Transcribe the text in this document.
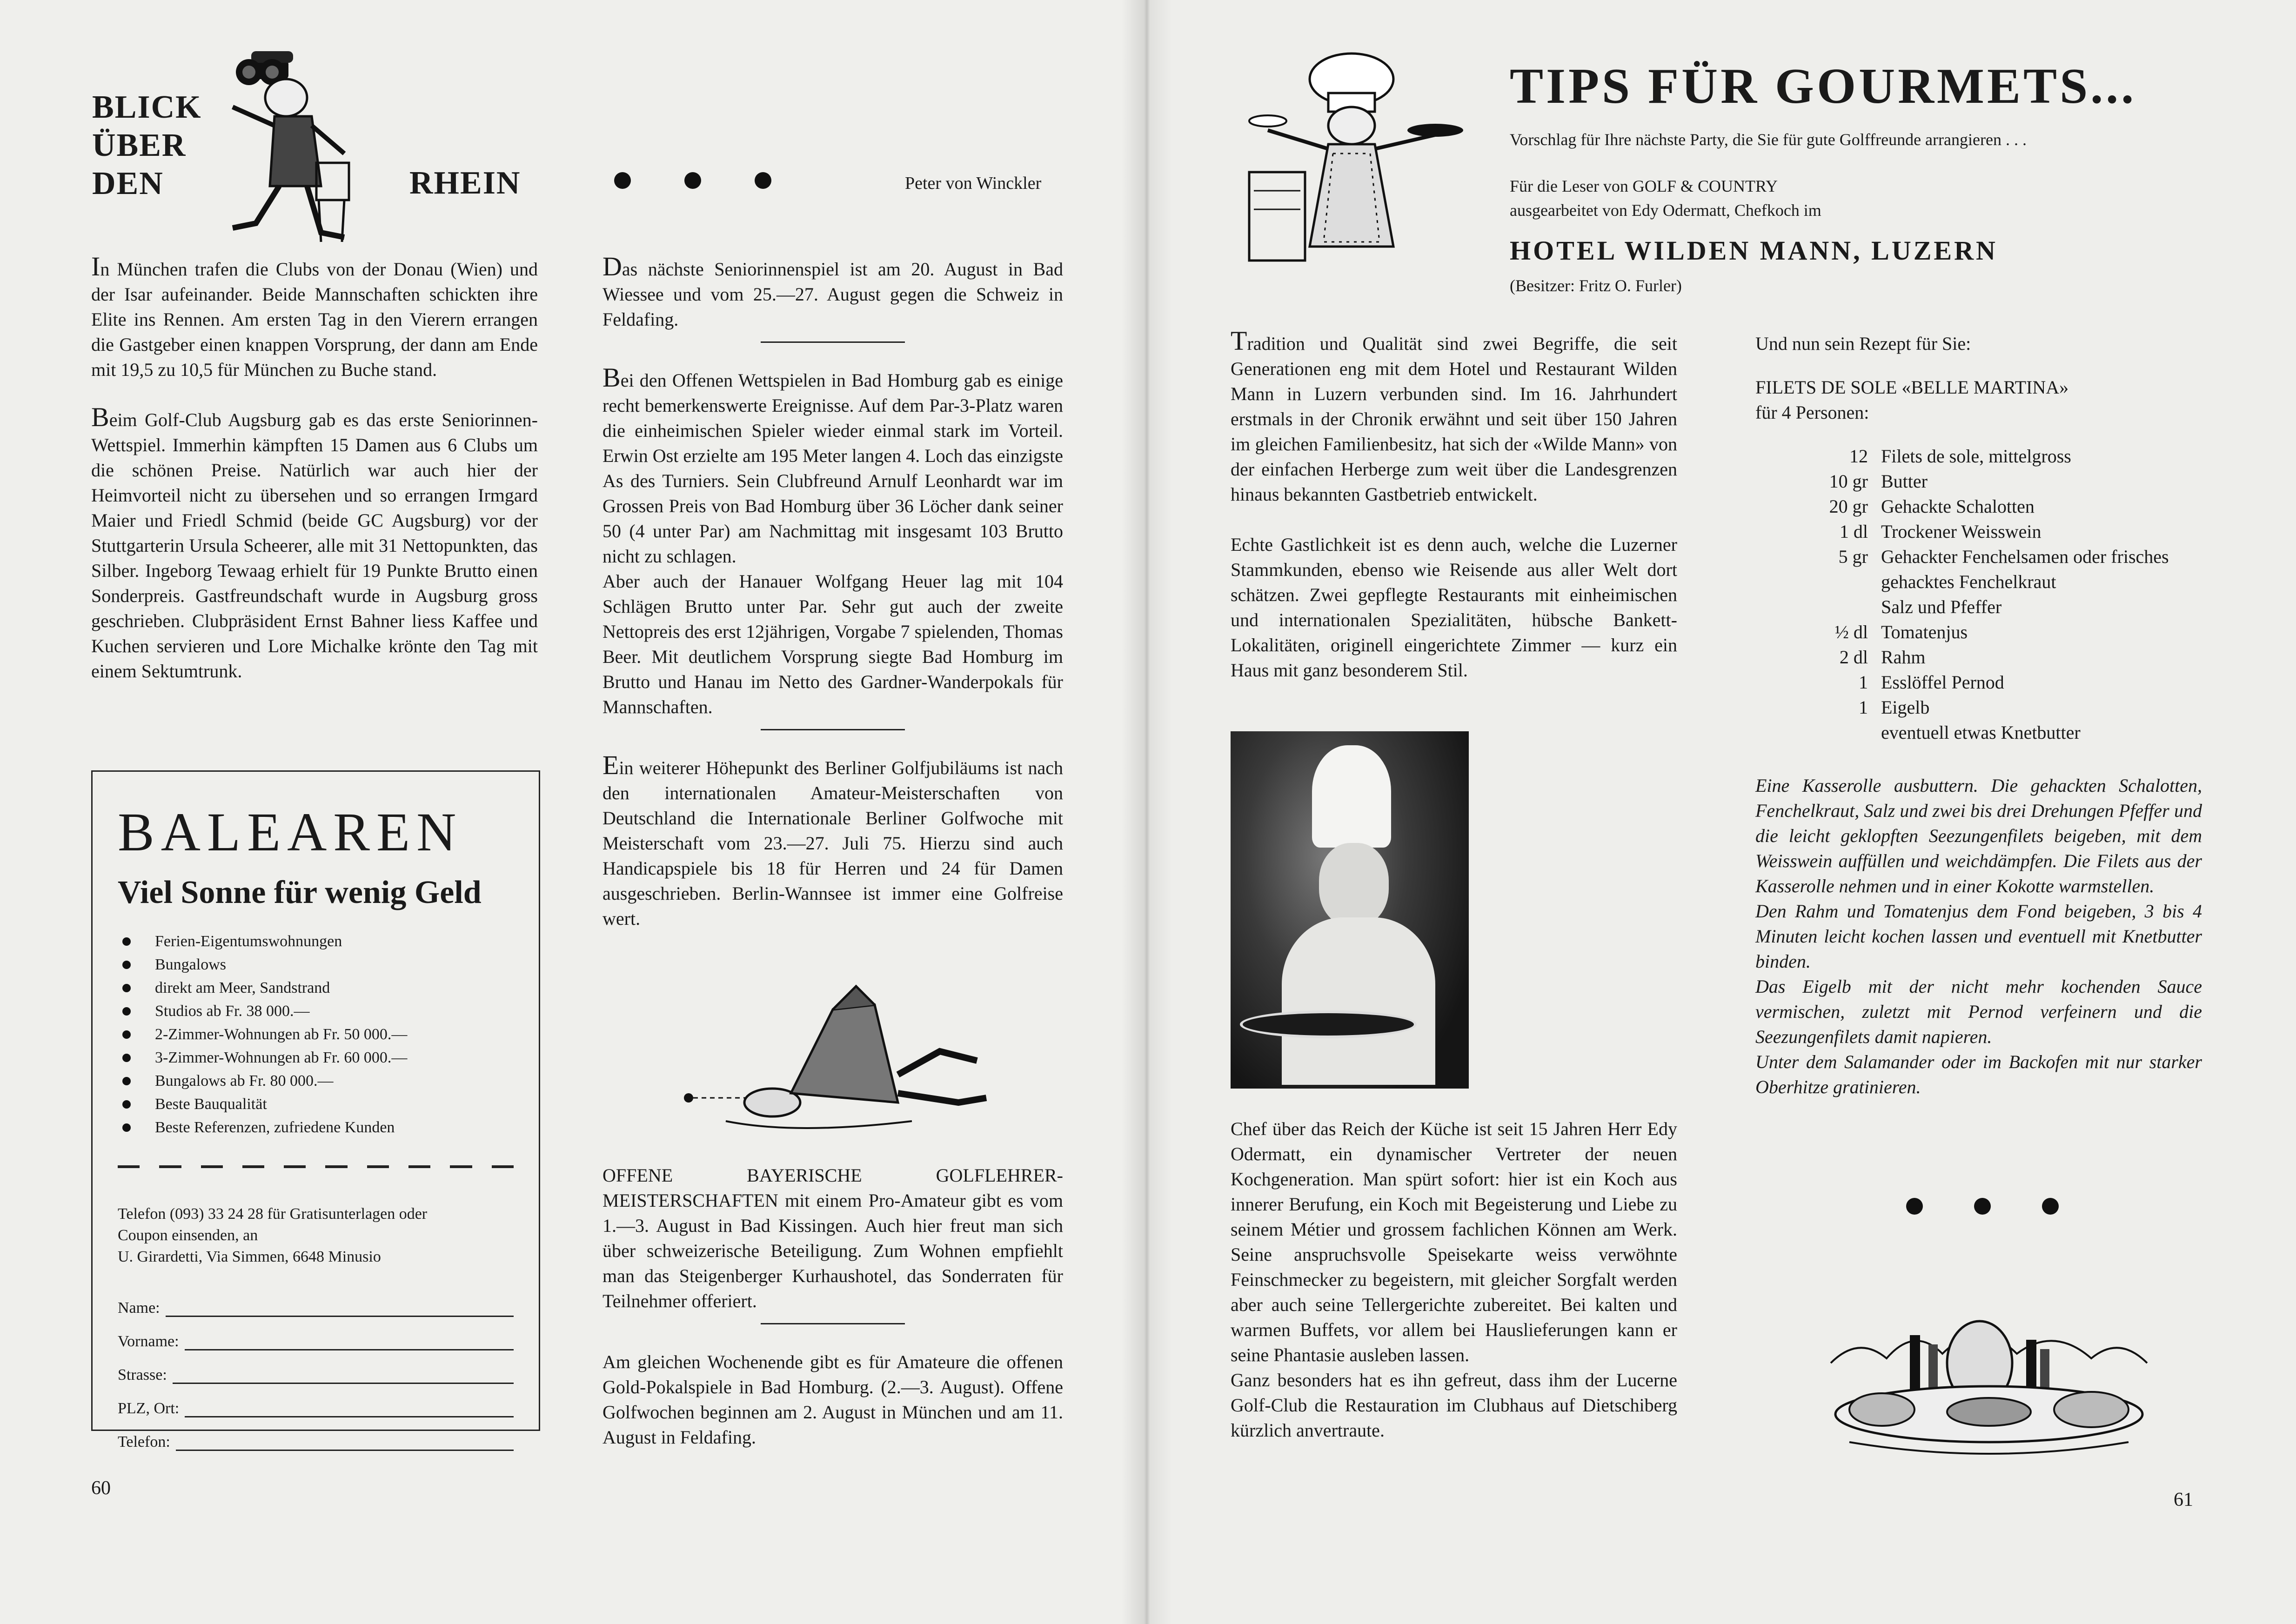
BLICK
ÜBER
DEN	RHEIN	Peter von Winckler

In München trafen die Clubs von der Donau (Wien) und der Isar aufeinander. Beide Mannschaften schickten ihre Elite ins Rennen. Am ersten Tag in den Vierern errangen die Gastgeber einen knappen Vorsprung, der dann am Ende mit 19,5 zu 10,5 für München zu Buche stand.

Beim Golf-Club Augsburg gab es das erste Seniorinnen-Wettspiel. Immerhin kämpften 15 Damen aus 6 Clubs um die schönen Preise. Natürlich war auch hier der Heimvorteil nicht zu übersehen und so errangen Irmgard Maier und Friedl Schmid (beide GC Augsburg) vor der Stuttgarterin Ursula Scheerer, alle mit 31 Nettopunkten, das Silber. Ingeborg Tewaag erhielt für 19 Punkte Brutto einen Sonderpreis. Gastfreundschaft wurde in Augsburg gross geschrieben. Clubpräsident Ernst Bahner liess Kaffee und Kuchen servieren und Lore Michalke krönte den Tag mit einem Sektumtrunk.

BALEAREN
Viel Sonne für wenig Geld
Ferien-Eigentumswohnungen
Bungalows
direkt am Meer, Sandstrand
Studios ab Fr. 38 000.—
2-Zimmer-Wohnungen ab Fr. 50 000.—
3-Zimmer-Wohnungen ab Fr. 60 000.—
Bungalows ab Fr. 80 000.—
Beste Bauqualität
Beste Referenzen, zufriedene Kunden
Telefon (093) 33 24 28 für Gratisunterlagen oder
Coupon einsenden, an
U. Girardetti, Via Simmen, 6648 Minusio
Name:
Vorname:
Strasse:
PLZ, Ort:
Telefon:

Das nächste Seniorinnenspiel ist am 20. August in Bad Wiessee und vom 25.—27. August gegen die Schweiz in Feldafing.

Bei den Offenen Wettspielen in Bad Homburg gab es einige recht bemerkenswerte Ereignisse. Auf dem Par-3-Platz waren die einheimischen Spieler wieder einmal stark im Vorteil. Erwin Ost erzielte am 195 Meter langen 4. Loch das einzigste As des Turniers. Sein Clubfreund Arnulf Leonhardt war im Grossen Preis von Bad Homburg über 36 Löcher dank seiner 50 (4 unter Par) am Nachmittag mit insgesamt 103 Brutto nicht zu schlagen.

Aber auch der Hanauer Wolfgang Heuer lag mit 104 Schlägen Brutto unter Par. Sehr gut auch der zweite Nettopreis des erst 12jährigen, Vorgabe 7 spielenden, Thomas Beer. Mit deutlichem Vorsprung siegte Bad Homburg im Brutto und Hanau im Netto des Gardner-Wanderpokals für Mannschaften.

Ein weiterer Höhepunkt des Berliner Golfjubiläums ist nach den internationalen Amateur-Meisterschaften von Deutschland die Internationale Berliner Golfwoche mit Meisterschaft vom 23.—27. Juli 75. Hierzu sind auch Handicapspiele bis 18 für Herren und 24 für Damen ausgeschrieben. Berlin-Wannsee ist immer eine Golfreise wert.

OFFENE BAYERISCHE GOLFLEHRER-MEISTERSCHAFTEN mit einem Pro-Amateur gibt es vom 1.—3. August in Bad Kissingen. Auch hier freut man sich über schweizerische Beteiligung. Zum Wohnen empfiehlt man das Steigenberger Kurhaushotel, das Sonderraten für Teilnehmer offeriert.

Am gleichen Wochenende gibt es für Amateure die offenen Gold-Pokalspiele in Bad Homburg. (2.—3. August). Offene Golfwochen beginnen am 2. August in München und am 11. August in Feldafing.

60
TIPS FÜR GOURMETS...
Vorschlag für Ihre nächste Party, die Sie für gute Golffreunde arrangieren . . .
Für die Leser von GOLF & COUNTRY
ausgearbeitet von Edy Odermatt, Chefkoch im
HOTEL WILDEN MANN, LUZERN
(Besitzer: Fritz O. Furler)

Tradition und Qualität sind zwei Begriffe, die seit Generationen eng mit dem Hotel und Restaurant Wilden Mann in Luzern verbunden sind. Im 16. Jahrhundert erstmals in der Chronik erwähnt und seit über 150 Jahren im gleichen Familienbesitz, hat sich der «Wilde Mann» von der einfachen Herberge zum weit über die Landesgrenzen hinaus bekannten Gastbetrieb entwickelt.

Echte Gastlichkeit ist es denn auch, welche die Luzerner Stammkunden, ebenso wie Reisende aus aller Welt dort schätzen. Zwei gepflegte Restaurants mit einheimischen und internationalen Spezialitäten, hübsche Bankett-Lokalitäten, originell eingerichtete Zimmer — kurz ein Haus mit ganz besonderem Stil.

Chef über das Reich der Küche ist seit 15 Jahren Herr Edy Odermatt, ein dynamischer Vertreter der neuen Kochgeneration. Man spürt sofort: hier ist ein Koch aus innerer Berufung, ein Koch mit Begeisterung und Liebe zu seinem Métier und grossem fachlichen Können am Werk. Seine anspruchsvolle Speisekarte weiss verwöhnte Feinschmecker zu begeistern, mit gleicher Sorgfalt werden aber auch seine Tellergerichte zubereitet. Bei kalten und warmen Buffets, vor allem bei Hauslieferungen kann er seine Phantasie ausleben lassen.

Ganz besonders hat es ihn gefreut, dass ihm der Lucerne Golf-Club die Restauration im Clubhaus auf Dietschiberg kürzlich anvertraute.

Und nun sein Rezept für Sie:
FILETS DE SOLE «BELLE MARTINA»
für 4 Personen:
12 Filets de sole, mittelgross
10 gr Butter
20 gr Gehackte Schalotten
1 dl Trockener Weisswein
5 gr Gehackter Fenchelsamen oder frisches
gehacktes Fenchelkraut
Salz und Pfeffer
½ dl Tomatenjus
2 dl Rahm
1 Esslöffel Pernod
1 Eigelb
eventuell etwas Knetbutter

Eine Kasserolle ausbuttern. Die gehackten Schalotten, Fenchelkraut, Salz und zwei bis drei Drehungen Pfeffer und die leicht geklopften Seezungenfilets beigeben, mit dem Weisswein auffüllen und weichdämpfen. Die Filets aus der Kasserolle nehmen und in einer Kokotte warmstellen.

Den Rahm und Tomatenjus dem Fond beigeben, 3 bis 4 Minuten leicht kochen lassen und eventuell mit Knetbutter binden.

Das Eigelb mit der nicht mehr kochenden Sauce vermischen, zuletzt mit Pernod verfeinern und die Seezungenfilets damit napieren.

Unter dem Salamander oder im Backofen mit nur starker Oberhitze gratinieren.

61
